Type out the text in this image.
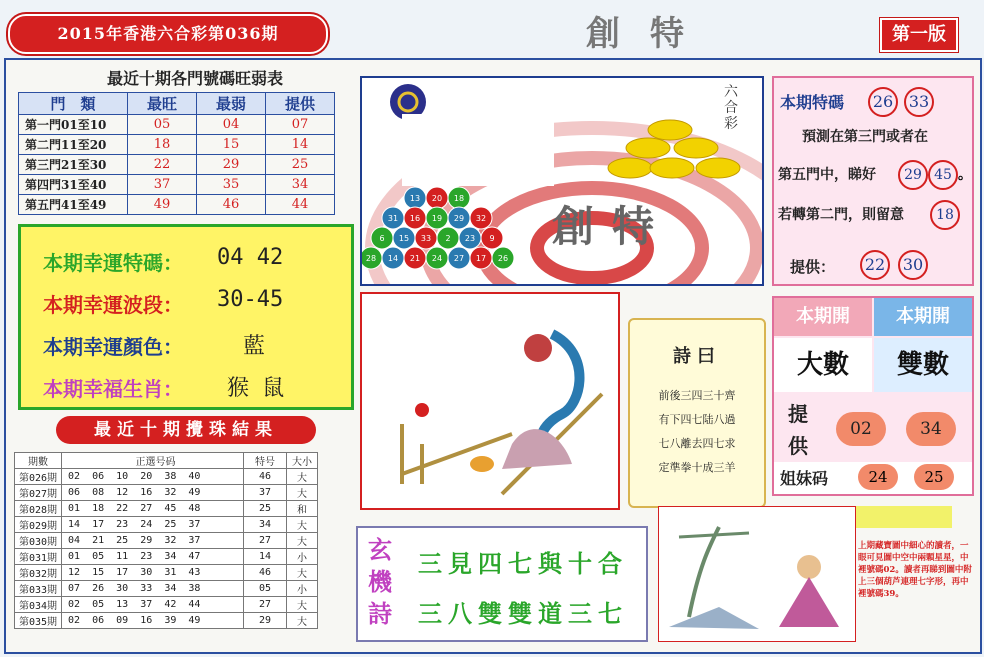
2015年香港六合彩第036期	創特	第一版
最近十期各門號碼旺弱表
門　類	最旺	最弱	提供
第一門01至10	05	04	07
第二門11至20	18	15	14
第三門21至30	22	29	25
第四門31至40	37	35	34
第五門41至49	49	46	44
本期幸運特碼： 04 42
本期幸運波段： 30-45
本期幸運顏色：	藍
本期幸福生肖： 猴 鼠
最近十期攪珠結果
期數	正選号码	特号	大小
第026期	02  06  10  20  38  40	46	大
第027期	06  08  12  16  32  49	37	大
第028期	01  18  22  27  45  48	25	和
第029期	14  17  23  24  25  37	34	大
第030期	04  21  25  29  32  37	27	大
第031期	01  05  11  23  34  47	14	小
第032期	12  15  17  30  31  43	46	大
第033期	07  26  30  33  34  38	05	小
第034期	02  05  13  37  42  44	27	大
第035期	02  06  09  16  39  49	29	大
13 20 18
31 16 19 29 32
6 15 33 2 23 9
28 14 21 24 27 17 26
六合彩
創特
本期特碼	26 33
預測在第三門或者在
第五門中，睇好	29 45 。
若轉第二門，則留意	18
提供：	22	30
詩曰
前後三四三十齊
有下四七陆八過
七八離去四七求
定準拳十成三羊
本期開	本期開
大數	雙數
提供
02	34
姐妹码	24	25
玄機詩
三見四七與十合
三八雙雙道三七
上期藏寶圖中細心的讀者，一眼可見圖中空中兩顆星星，中裡號碼02。讀者再睇到圖中附上三個葫芦連理七字形，再中裡號碼39。
